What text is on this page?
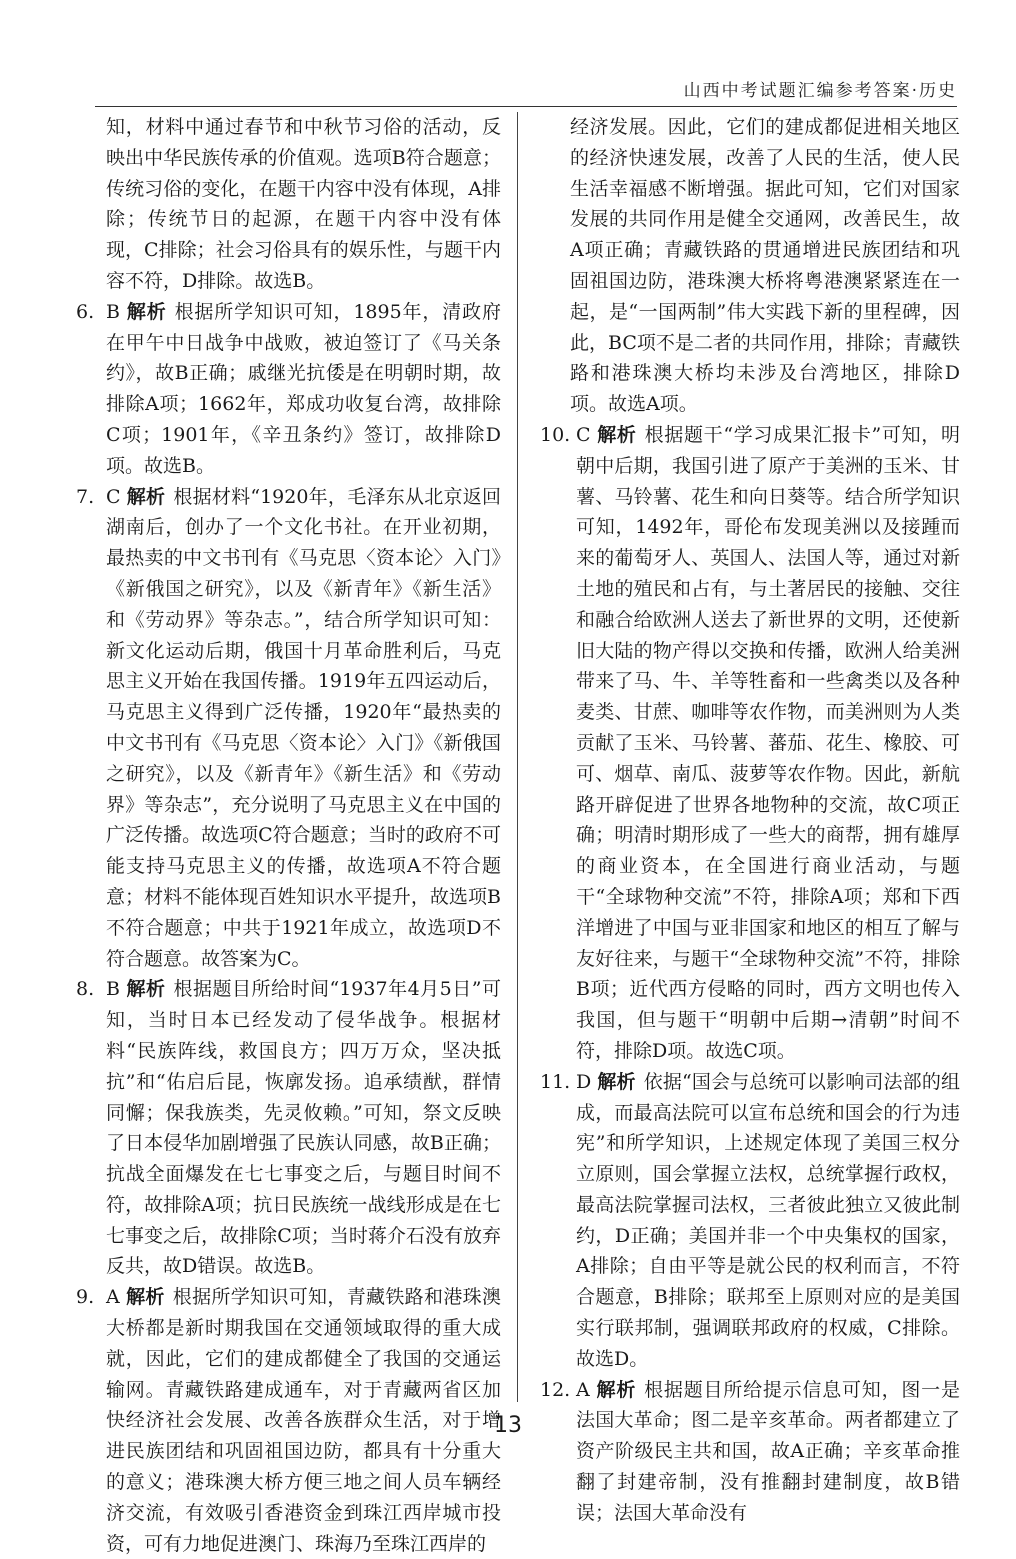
山西中考试题汇编参考答案·历史

知，材料中通过春节和中秋节习俗的活动，反映出中华民族传承的价值观。选项B符合题意；传统习俗的变化，在题干内容中没有体现，A排除；传统节日的起源，在题干内容中没有体现，C排除；社会习俗具有的娱乐性，与题干内容不符，D排除。故选B。

6. B 解析 根据所学知识可知，1895年，清政府在甲午中日战争中战败，被迫签订了《马关条约》，故B正确；戚继光抗倭是在明朝时期，故排除A项；1662年，郑成功收复台湾，故排除C项；1901年，《辛丑条约》签订，故排除D项。故选B。
7. C 解析 根据材料“1920年，毛泽东从北京返回湖南后，创办了一个文化书社。在开业初期，最热卖的中文书刊有《马克思〈资本论〉入门》《新俄国之研究》，以及《新青年》《新生活》和《劳动界》等杂志。”，结合所学知识可知：新文化运动后期，俄国十月革命胜利后，马克思主义开始在我国传播。1919年五四运动后，马克思主义得到广泛传播，1920年“最热卖的中文书刊有《马克思〈资本论〉入门》《新俄国之研究》，以及《新青年》《新生活》和《劳动界》等杂志”，充分说明了马克思主义在中国的广泛传播。故选项C符合题意；当时的政府不可能支持马克思主义的传播，故选项A不符合题意；材料不能体现百姓知识水平提升，故选项B不符合题意；中共于1921年成立，故选项D不符合题意。故答案为C。
8. B 解析 根据题目所给时间“1937年4月5日”可知，当时日本已经发动了侵华战争。根据材料“民族阵线，救国良方；四万万众，坚决抵抗”和“佑启后昆，恢廓发扬。追承绩猷，群情同懈；保我族类，先灵攸赖。”可知，祭文反映了日本侵华加剧增强了民族认同感，故B正确；抗战全面爆发在七七事变之后，与题目时间不符，故排除A项；抗日民族统一战线形成是在七七事变之后，故排除C项；当时蒋介石没有放弃反共，故D错误。故选B。
9. A 解析 根据所学知识可知，青藏铁路和港珠澳大桥都是新时期我国在交通领域取得的重大成就，因此，它们的建成都健全了我国的交通运输网。青藏铁路建成通车，对于青藏两省区加快经济社会发展、改善各族群众生活，对于增进民族团结和巩固祖国边防，都具有十分重大的意义；港珠澳大桥方便三地之间人员车辆经济交流，有效吸引香港资金到珠江西岸城市投资，可有力地促进澳门、珠海乃至珠江西岸的

经济发展。因此，它们的建成都促进相关地区的经济快速发展，改善了人民的生活，使人民生活幸福感不断增强。据此可知，它们对国家发展的共同作用是健全交通网，改善民生，故A项正确；青藏铁路的贯通增进民族团结和巩固祖国边防，港珠澳大桥将粤港澳紧紧连在一起，是“一国两制”伟大实践下新的里程碑，因此，BC项不是二者的共同作用，排除；青藏铁路和港珠澳大桥均未涉及台湾地区，排除D项。故选A项。

10. C 解析 根据题干“学习成果汇报卡”可知，明朝中后期，我国引进了原产于美洲的玉米、甘薯、马铃薯、花生和向日葵等。结合所学知识可知，1492年，哥伦布发现美洲以及接踵而来的葡萄牙人、英国人、法国人等，通过对新土地的殖民和占有，与土著居民的接触、交往和融合给欧洲人送去了新世界的文明，还使新旧大陆的物产得以交换和传播，欧洲人给美洲带来了马、牛、羊等牲畜和一些禽类以及各种麦类、甘蔗、咖啡等农作物，而美洲则为人类贡献了玉米、马铃薯、蕃茄、花生、橡胶、可可、烟草、南瓜、菠萝等农作物。因此，新航路开辟促进了世界各地物种的交流，故C项正确；明清时期形成了一些大的商帮，拥有雄厚的商业资本，在全国进行商业活动，与题干“全球物种交流”不符，排除A项；郑和下西洋增进了中国与亚非国家和地区的相互了解与友好往来，与题干“全球物种交流”不符，排除B项；近代西方侵略的同时，西方文明也传入我国，但与题干“明朝中后期→清朝”时间不符，排除D项。故选C项。
11. D 解析 依据“国会与总统可以影响司法部的组成，而最高法院可以宣布总统和国会的行为违宪”和所学知识，上述规定体现了美国三权分立原则，国会掌握立法权，总统掌握行政权，最高法院掌握司法权，三者彼此独立又彼此制约，D正确；美国并非一个中央集权的国家，A排除；自由平等是就公民的权利而言，不符合题意，B排除；联邦至上原则对应的是美国实行联邦制，强调联邦政府的权威，C排除。故选D。
12. A 解析 根据题目所给提示信息可知，图一是法国大革命；图二是辛亥革命。两者都建立了资产阶级民主共和国，故A正确；辛亥革命推翻了封建帝制，没有推翻封建制度，故B错误；法国大革命没有
13
